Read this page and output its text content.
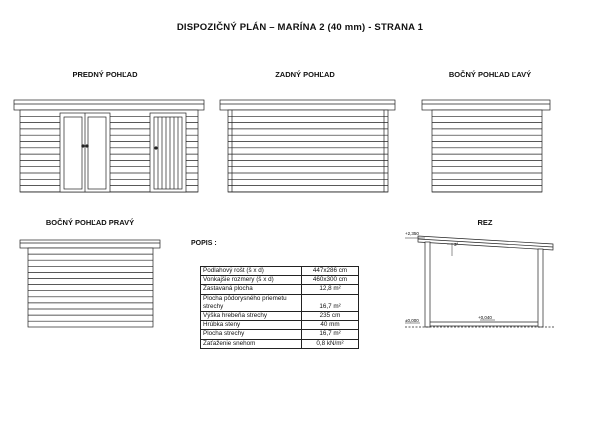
DISPOZIČNÝ PLÁN – MARÍNA 2 (40 mm) - STRANA 1
PREDNÝ POHĽAD	ZADNÝ POHĽAD	BOČNÝ POHĽAD ĽAVÝ
BOČNÝ POHĽAD PRAVÝ	REZ
+2,350
3°
+0,040
±0,000
POPIS :
Podlahový rošt (š x d)	447x286 cm
Vonkajšie rozmery (š x d)	460x300 cm
Zastavaná plocha	12,8 m²
Plocha pôdorysného priemetu strechy	16,7 m²
Výška hrebeňa strechy	235 cm
Hrúbka steny	40 mm
Plocha strechy	16,7 m²
Zaťaženie snehom	0,8 kN/m²
